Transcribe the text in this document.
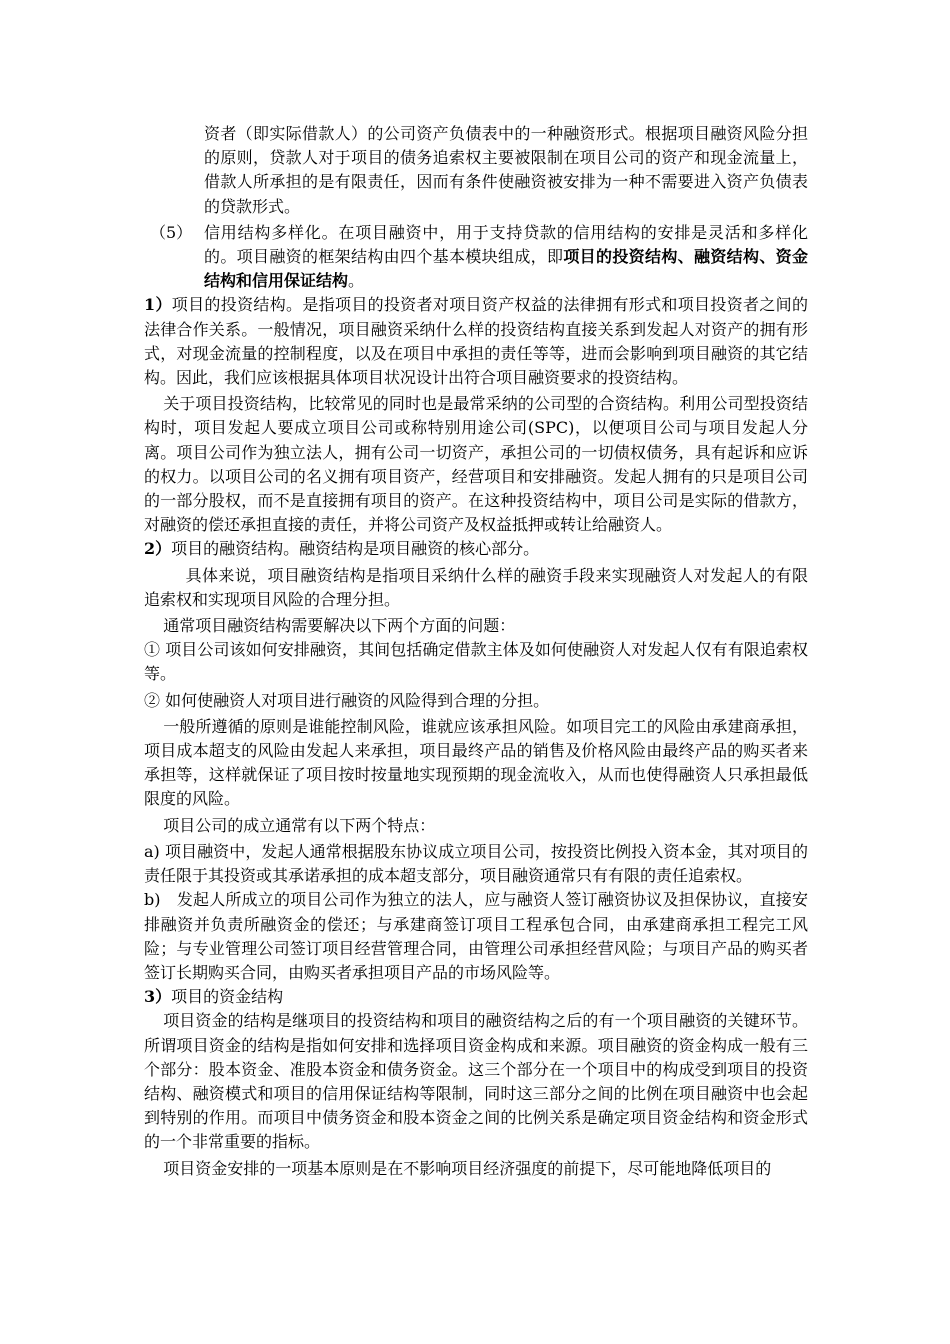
资者（即实际借款人）的公司资产负债表中的一种融资形式。根据项目融资风险分担的原则，贷款人对于项目的债务追索权主要被限制在项目公司的资产和现金流量上，借款人所承担的是有限责任，因而有条件使融资被安排为一种不需要进入资产负债表的贷款形式。

（5） 信用结构多样化。在项目融资中，用于支持贷款的信用结构的安排是灵活和多样化的。项目融资的框架结构由四个基本模块组成，即项目的投资结构、融资结构、资金结构和信用保证结构。

1）项目的投资结构。是指项目的投资者对项目资产权益的法律拥有形式和项目投资者之间的法律合作关系。一般情况，项目融资采纳什么样的投资结构直接关系到发起人对资产的拥有形式，对现金流量的控制程度，以及在项目中承担的责任等等，进而会影响到项目融资的其它结构。因此，我们应该根据具体项目状况设计出符合项目融资要求的投资结构。

关于项目投资结构，比较常见的同时也是最常采纳的公司型的合资结构。利用公司型投资结构时，项目发起人要成立项目公司或称特别用途公司(SPC)，以便项目公司与项目发起人分离。项目公司作为独立法人，拥有公司一切资产，承担公司的一切债权债务，具有起诉和应诉的权力。以项目公司的名义拥有项目资产，经营项目和安排融资。发起人拥有的只是项目公司的一部分股权，而不是直接拥有项目的资产。在这种投资结构中，项目公司是实际的借款方，对融资的偿还承担直接的责任，并将公司资产及权益抵押或转让给融资人。

2）项目的融资结构。融资结构是项目融资的核心部分。

具体来说，项目融资结构是指项目采纳什么样的融资手段来实现融资人对发起人的有限追索权和实现项目风险的合理分担。

通常项目融资结构需要解决以下两个方面的问题：

① 项目公司该如何安排融资，其间包括确定借款主体及如何使融资人对发起人仅有有限追索权等。

② 如何使融资人对项目进行融资的风险得到合理的分担。

一般所遵循的原则是谁能控制风险，谁就应该承担风险。如项目完工的风险由承建商承担，项目成本超支的风险由发起人来承担，项目最终产品的销售及价格风险由最终产品的购买者来承担等，这样就保证了项目按时按量地实现预期的现金流收入，从而也使得融资人只承担最低限度的风险。

项目公司的成立通常有以下两个特点：

a) 项目融资中，发起人通常根据股东协议成立项目公司，按投资比例投入资本金，其对项目的责任限于其投资或其承诺承担的成本超支部分，项目融资通常只有有限的责任追索权。

b)　发起人所成立的项目公司作为独立的法人，应与融资人签订融资协议及担保协议，直接安排融资并负责所融资金的偿还；与承建商签订项目工程承包合同，由承建商承担工程完工风险；与专业管理公司签订项目经营管理合同，由管理公司承担经营风险；与项目产品的购买者签订长期购买合同，由购买者承担项目产品的市场风险等。

3）项目的资金结构

项目资金的结构是继项目的投资结构和项目的融资结构之后的有一个项目融资的关键环节。所谓项目资金的结构是指如何安排和选择项目资金构成和来源。项目融资的资金构成一般有三个部分：股本资金、准股本资金和债务资金。这三个部分在一个项目中的构成受到项目的投资结构、融资模式和项目的信用保证结构等限制，同时这三部分之间的比例在项目融资中也会起到特别的作用。而项目中债务资金和股本资金之间的比例关系是确定项目资金结构和资金形式的一个非常重要的指标。

项目资金安排的一项基本原则是在不影响项目经济强度的前提下，尽可能地降低项目的
